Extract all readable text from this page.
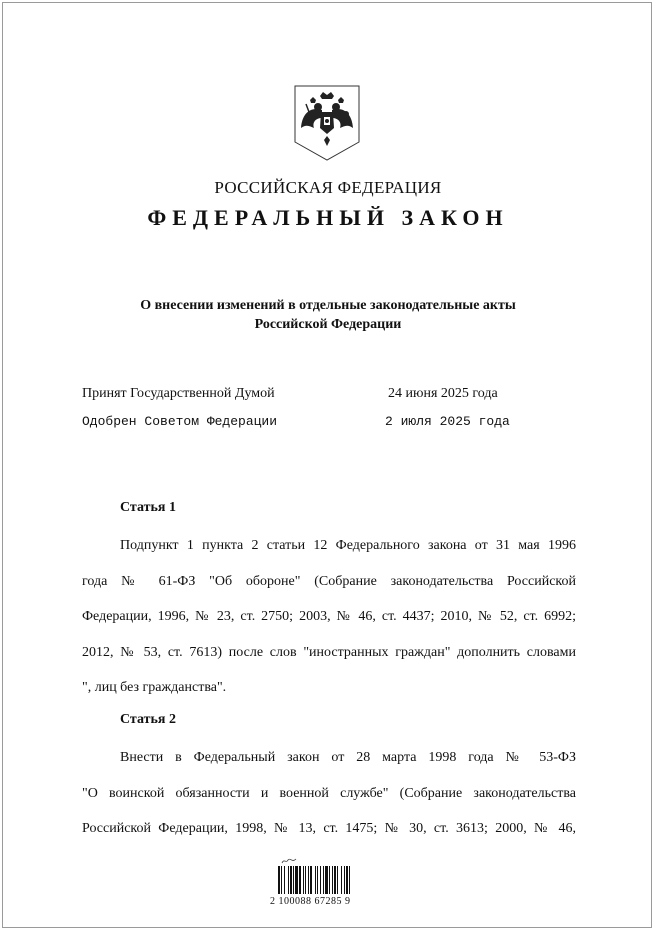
РОССИЙСКАЯ ФЕДЕРАЦИЯ
ФЕДЕРАЛЬНЫЙ ЗАКОН
О внесении изменений в отдельные законодательные акты
Российской Федерации
Принят Государственной Думой	24 июня 2025 года
Одобрен Советом Федерации	2 июля 2025 года
Статья 1
Подпункт 1 пункта 2 статьи 12 Федерального закона от 31 мая 1996
года № 61-ФЗ "Об обороне" (Собрание законодательства Российской
Федерации, 1996, № 23, ст. 2750; 2003, № 46, ст. 4437; 2010, № 52, ст. 6992;
2012, № 53, ст. 7613) после слов "иностранных граждан" дополнить словами
", лиц без гражданства".
Статья 2
Внести в Федеральный закон от 28 марта 1998 года № 53-ФЗ
"О воинской обязанности и военной службе" (Собрание законодательства
Российской Федерации, 1998, № 13, ст. 1475; № 30, ст. 3613; 2000, № 46,
2 100088 67285 9
